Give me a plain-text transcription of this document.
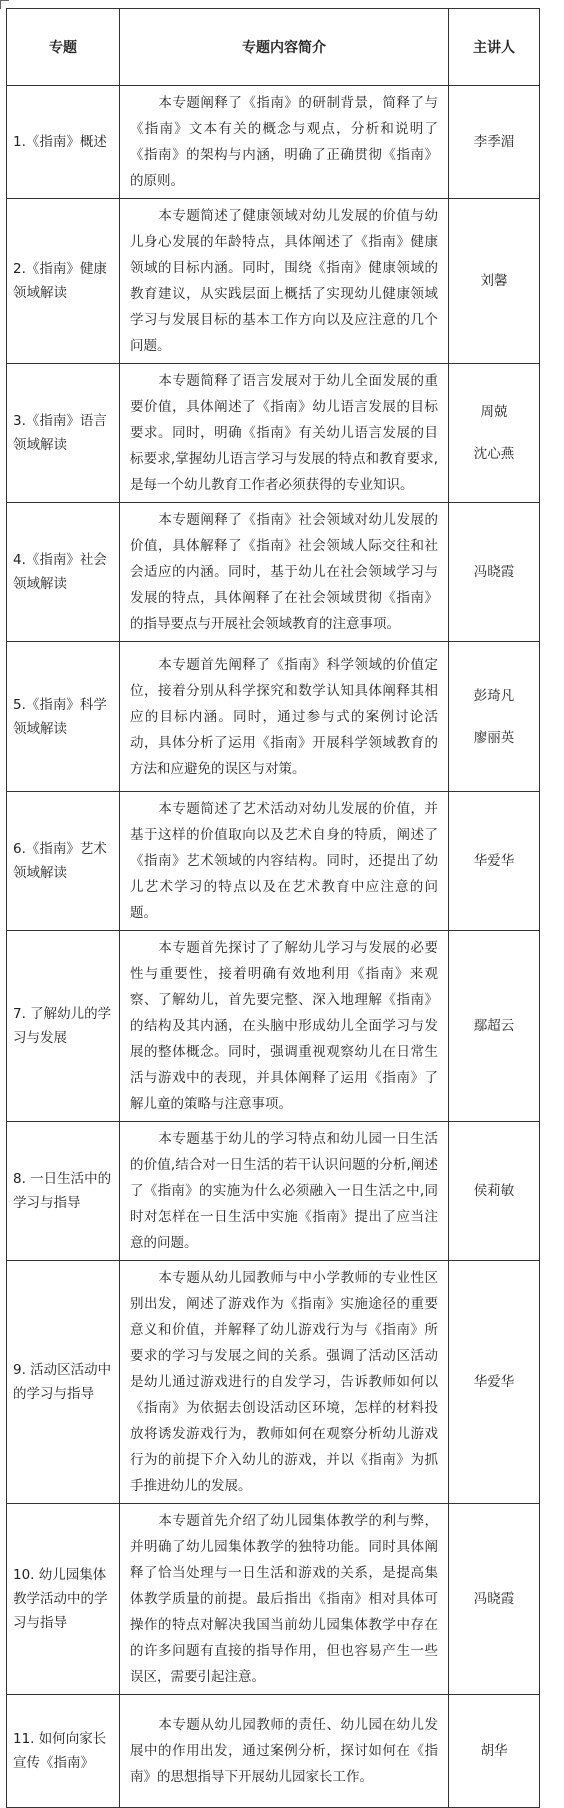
专题	专题内容简介	主讲人
1.《指南》概述	本专题阐释了《指南》的研制背景，简释了与《指南》文本有关的概念与观点，分析和说明了《指南》的架构与内涵，明确了正确贯彻《指南》的原则。	李季湄

2.《指南》健康领域解读	本专题简述了健康领域对幼儿发展的价值与幼儿身心发展的年龄特点，具体阐述了《指南》健康领域的目标内涵。同时，围绕《指南》健康领域的教育建议，从实践层面上概括了实现幼儿健康领域学习与发展目标的基本工作方向以及应注意的几个问题。	刘馨

3.《指南》语言领域解读	本专题简释了语言发展对于幼儿全面发展的重要价值，具体阐述了《指南》幼儿语言发展的目标要求。同时，明确《指南》有关幼儿语言发展的目标要求,掌握幼儿语言学习与发展的特点和教育要求,是每一个幼儿教育工作者必须获得的专业知识。	周兢
沈心燕

4.《指南》社会领域解读	本专题阐释了《指南》社会领域对幼儿发展的价值，具体解释了《指南》社会领域人际交往和社会适应的内涵。同时，基于幼儿在社会领域学习与发展的特点，具体阐释了在社会领域贯彻《指南》的指导要点与开展社会领域教育的注意事项。	冯晓霞

5.《指南》科学领域解读	本专题首先阐释了《指南》科学领域的价值定位，接着分别从科学探究和数学认知具体阐释其相应的目标内涵。同时，通过参与式的案例讨论活动，具体分析了运用《指南》开展科学领域教育的方法和应避免的误区与对策。	彭琦凡
廖丽英

6.《指南》艺术领域解读	本专题简述了艺术活动对幼儿发展的价值，并基于这样的价值取向以及艺术自身的特质，阐述了《指南》艺术领域的内容结构。同时，还提出了幼儿艺术学习的特点以及在艺术教育中应注意的问题。	华爱华

7. 了解幼儿的学习与发展	本专题首先探讨了了解幼儿学习与发展的必要性与重要性，接着明确有效地利用《指南》来观察、了解幼儿，首先要完整、深入地理解《指南》的结构及其内涵，在头脑中形成幼儿全面学习与发展的整体概念。同时，强调重视观察幼儿在日常生活与游戏中的表现，并具体阐释了运用《指南》了解儿童的策略与注意事项。	鄢超云

8. 一日生活中的学习与指导	本专题基于幼儿的学习特点和幼儿园一日生活的价值,结合对一日生活的若干认识问题的分析,阐述了《指南》的实施为什么必须融入一日生活之中,同时对怎样在一日生活中实施《指南》提出了应当注意的问题。	侯莉敏

9. 活动区活动中的学习与指导	本专题从幼儿园教师与中小学教师的专业性区别出发，阐述了游戏作为《指南》实施途径的重要意义和价值，并解释了幼儿游戏行为与《指南》所要求的学习与发展之间的关系。强调了活动区活动是幼儿通过游戏进行的自发学习，告诉教师如何以《指南》为依据去创设活动区环境，怎样的材料投放将诱发游戏行为，教师如何在观察分析幼儿游戏行为的前提下介入幼儿的游戏，并以《指南》为抓手推进幼儿的发展。	华爱华

10. 幼儿园集体教学活动中的学习与指导	本专题首先介绍了幼儿园集体教学的利与弊，并明确了幼儿园集体教学的独特功能。同时具体阐释了恰当处理与一日生活和游戏的关系，是提高集体教学质量的前提。最后指出《指南》相对具体可操作的特点对解决我国当前幼儿园集体教学中存在的许多问题有直接的指导作用，但也容易产生一些误区，需要引起注意。	冯晓霞

11. 如何向家长宣传《指南》	本专题从幼儿园教师的责任、幼儿园在幼儿发展中的作用出发，通过案例分析，探讨如何在《指南》的思想指导下开展幼儿园家长工作。	胡华
